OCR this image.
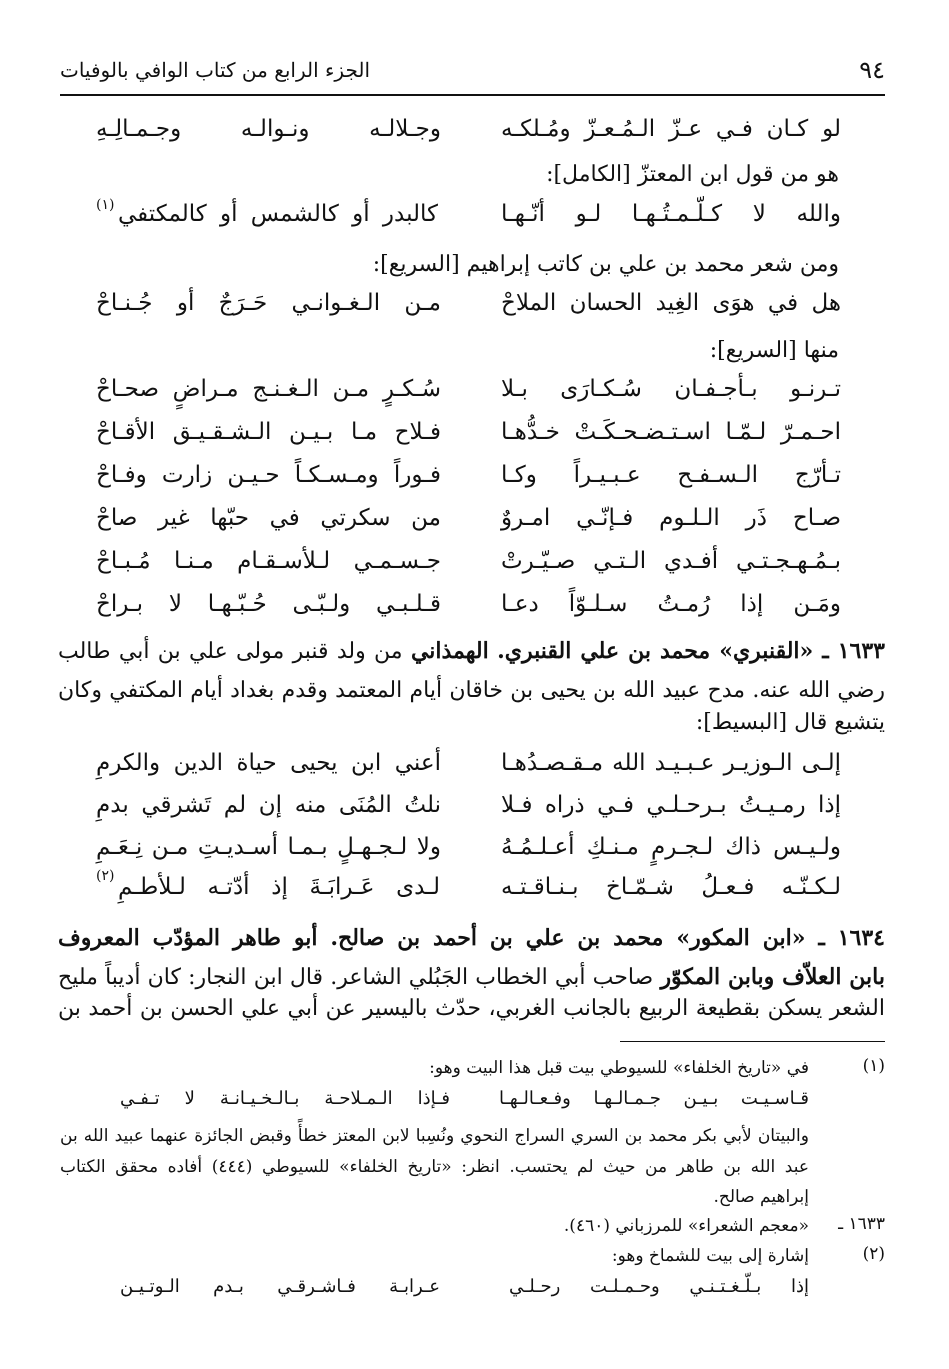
٩٤
الجزء الرابع من كتاب الوافي بالوفيات
لو كـان فـي عـزّ الـمُـعـزّ ومُـلكـه
وجـلالـه ونـوالـه وجـمـالِـهِ
هو من قول ابن المعتزّ [الكامل]:
والله لا كـلّـمـتُـهـا لـو أنّـهـا
كالبدر أو كالشمس أو كالمكتفي
(١)
ومن شعر محمد بن علي بن كاتب إبراهيم [السريع]:
هل في هوَى الغِيد الحسان الملاحْ
مـن الـغـوانـي حَـرَجٌ أو جُـنـاحْ
منها [السريع]:
تـرنـو بـأجـفـان سُـكـارَى بـلا
سُـكـرٍ مـن الـغـنـج مـراضٍ صحـاحْ
احـمـرّ لـمّـا اسـتـضـحـكَـتْ خـدُّهـا
فـلاح مـا بـيـن الـشـقـيـق الأقـاحْ
تـأرّج الـسـفـح عـبـيـراً وكـا
فـوراً ومـسـكـاً حـيـن زارت وفـاحْ
صـاح ذَر الـلـوم فـإنّـي امـروٌ
من سكرتي في حبّها غير صاحْ
بـمُـهـجـتـي أفـدي الـتـي صـيّـرتْ
جـسـمـي لـلأسـقـام مـنـا مُـبـاحْ
ومَـن إذا رُمـتُ سـلـوّاً دعـا
قـلـبـي ولـبّـى حُـبّـهـا لا بـراحْ
١٦٣٣ ـ «القنبري» محمد بن علي القنبري. الهمذاني من ولد قنبر مولى علي بن أبي طالب
رضي الله عنه. مدح عبيد الله بن يحيى بن خاقان أيام المعتمد وقدم بغداد أيام المكتفي وكان
يتشيع قال [البسيط]:
إلـى الـوزيـر عـبـيـد الله مـقـصـدُهـا
أعني ابن يحيى حياة الدين والكرمِ
إذا رمـيـتُ بـرحـلـي فـي ذراه فـلا
نلتُ المُنَى منه إن لم تَشرقي بدمِ
ولـيـس ذاك لـجـرمٍ مـنـكِ أعـلـمُـهُ
ولا لـجـهـلٍ بـمـا أسـديـتِ مـن نِـعَـمِ
لـكـنّـه فـعـلُ شـمّـاخ بـنـاقـتـه
لـدى عَـرابَـةَ إذ أدّتـه لـلأطـمِ
(٢)
١٦٣٤ ـ «ابن المكور» محمد بن علي بن أحمد بن صالح. أبو طاهر المؤدّب المعروف
بابن العلاّف وبابن المكوّر صاحب أبي الخطاب الجَبُلي الشاعر. قال ابن النجار: كان أديباً مليح
الشعر يسكن بقطيعة الربيع بالجانب الغربي، حدّث باليسير عن أبي علي الحسن بن أحمد بن
(١)
في «تاريخ الخلفاء» للسيوطي بيت قبل هذا البيت وهو:
قـاسـيـت بـيـن جـمـالـهـا وفـعـالـهـا
فـإذا الـمـلاحـة بـالـخـيـانـة لا تـفـي
والبيتان لأبي بكر محمد بن السري السراج النحوي ونُسِبا لابن المعتز خطأً وقبض الجائزة عنهما عبيد الله بن
عبد الله بن طاهر من حيث لم يحتسب. انظر: «تاريخ الخلفاء» للسيوطي (٤٤٤) أفاده محقق الكتاب
إبراهيم صالح.
١٦٣٣ ـ
«معجم الشعراء» للمرزباني (٤٦٠).
(٢)
إشارة إلى بيت للشماخ وهو:
إذا بـلّـغـتـنـي وحـمـلـت رحـلـي
عـرابـة فـاشـرقـي بـدم الـوتـيـن
